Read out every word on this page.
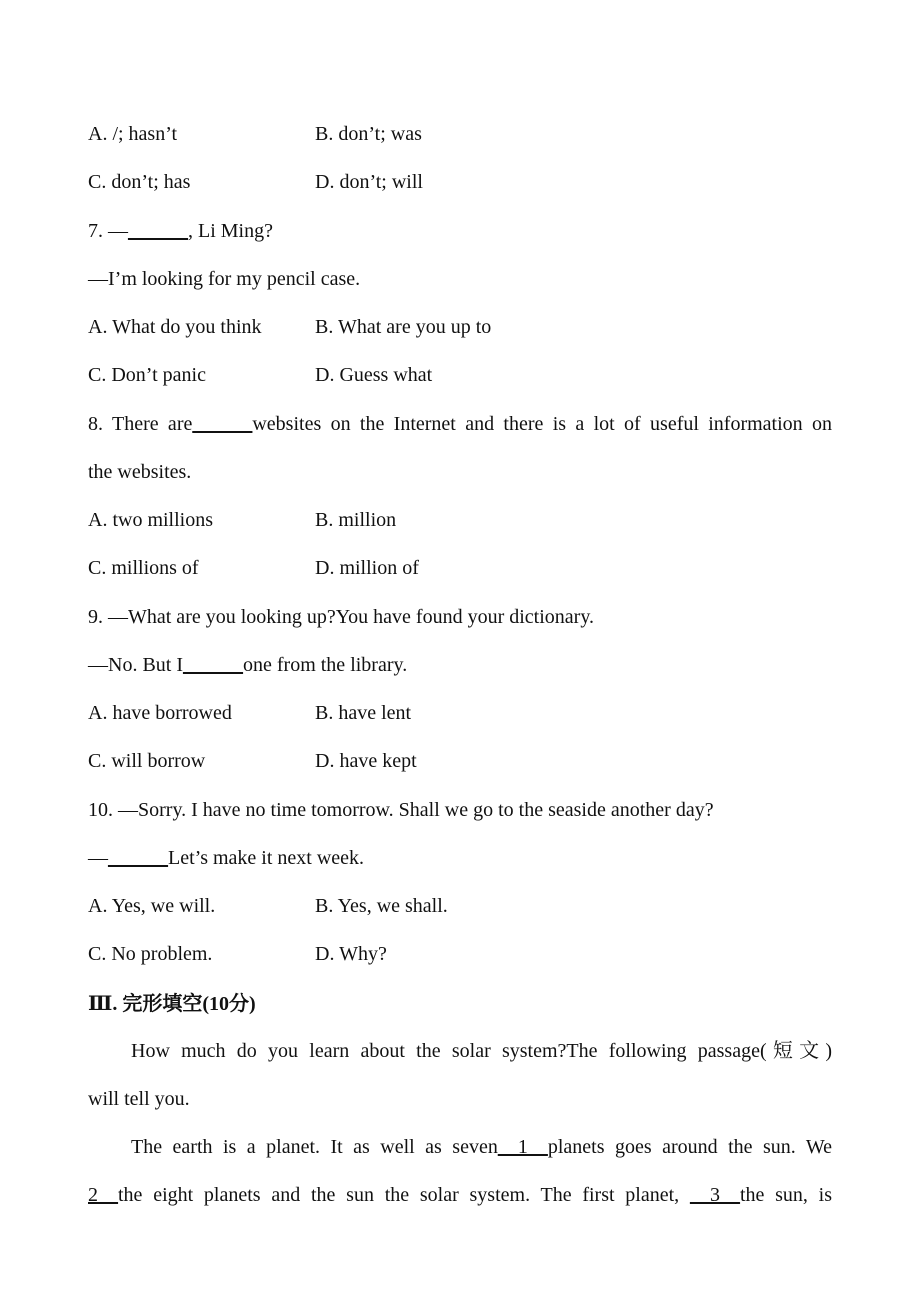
A. /; hasn’t	B. don’t; was
C. don’t; has	D. don’t; will
7. —______, Li Ming?
—I’m looking for my pencil case.
A. What do you think	B. What are you up to
C. Don’t panic	D. Guess what
8. There are______websites on the Internet and there is a lot of useful information on
the websites.
A. two millions	B. million
C. millions of	D. million of
9. —What are you looking up?You have found your dictionary.
—No. But I______one from the library.
A. have borrowed	B. have lent
C. will borrow	D. have kept
10. —Sorry. I have no time tomorrow. Shall we go to the seaside another day?
—______Let’s make it next week.
A. Yes, we will.	B. Yes, we shall.
C. No problem.	D. Why?
Ⅲ. 完形填空(10分)
How much do you learn about the solar system?The following passage(短文)
will tell you.
The earth is a planet. It as well as seven__1__planets goes around the sun. We
2__the eight planets and the sun the solar system. The first planet, __3__the sun, is
